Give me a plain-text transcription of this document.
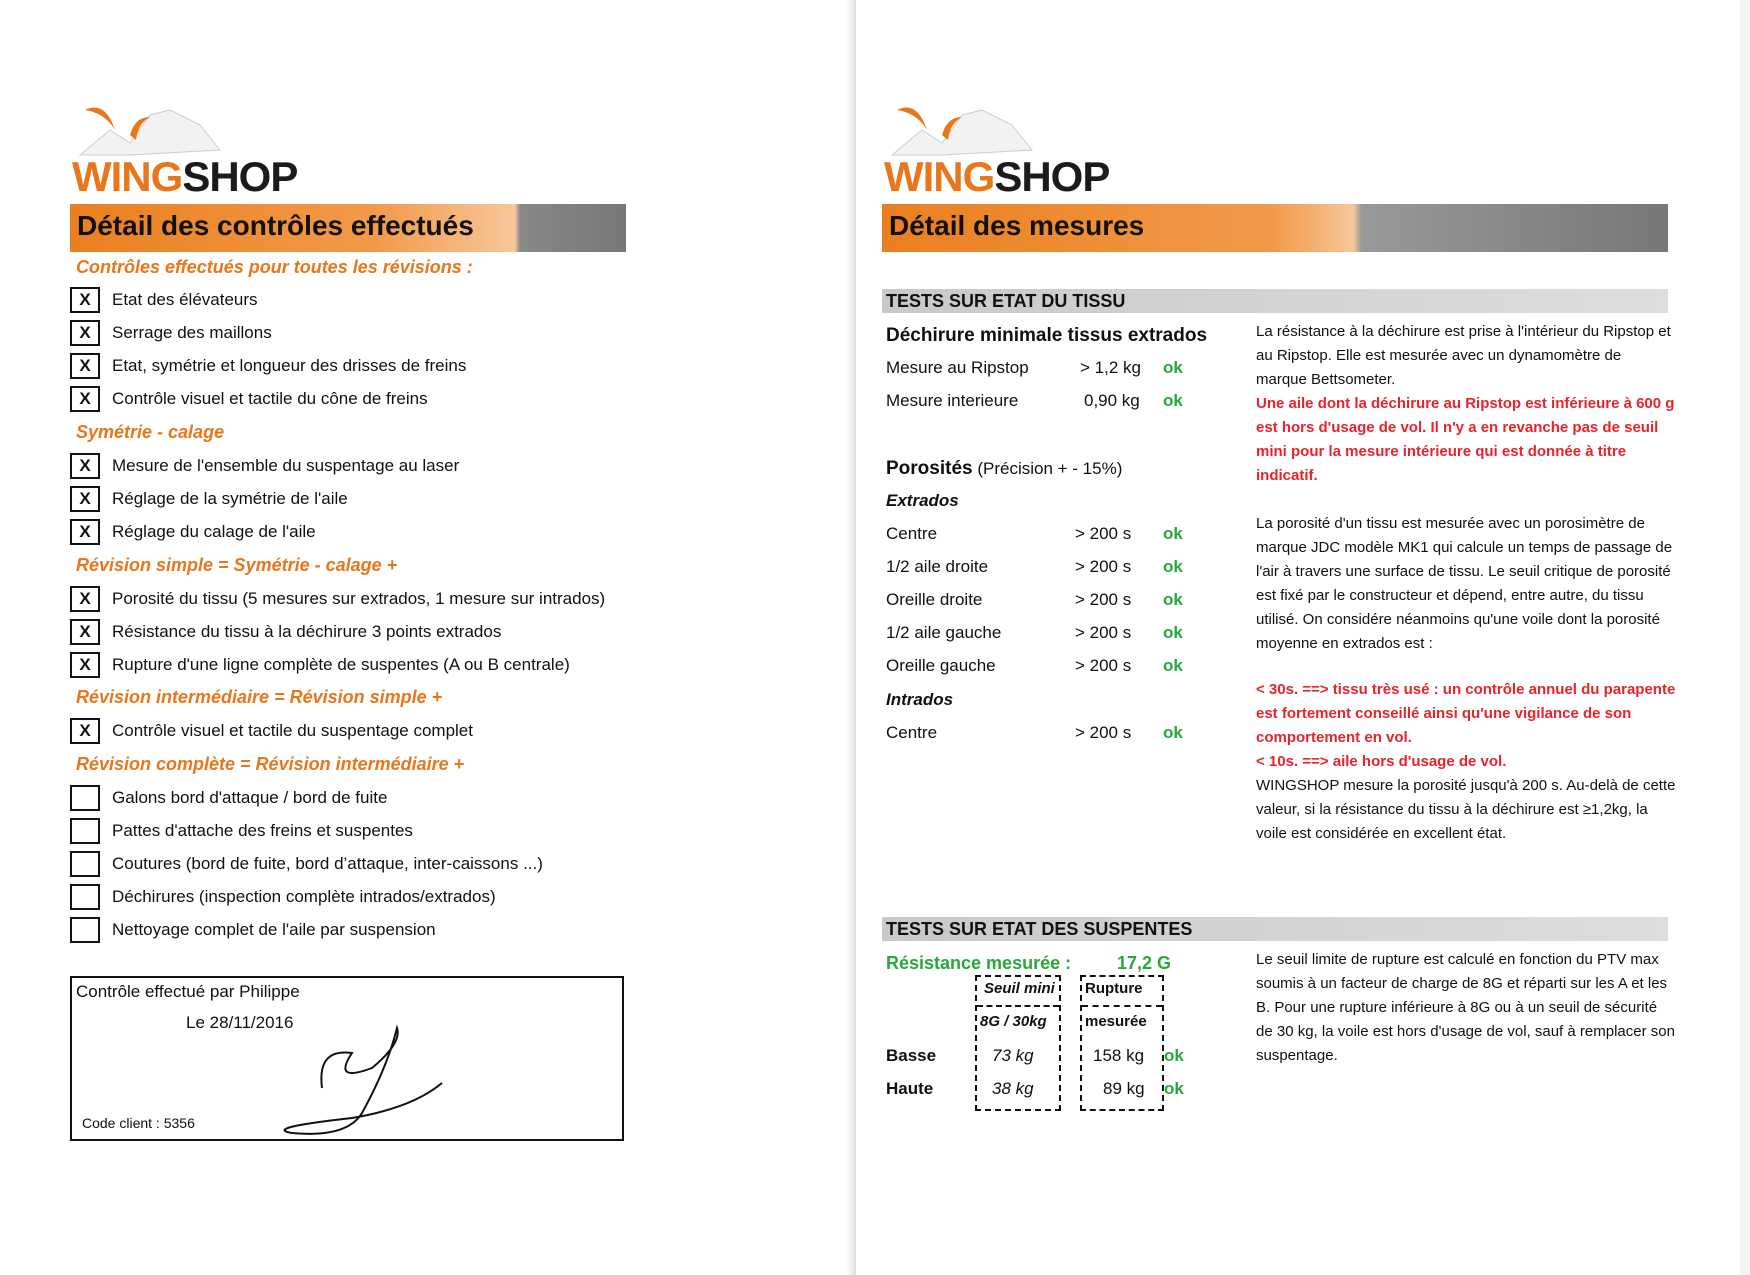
WINGSHOP
Détail des contrôles effectués
Contrôles effectués pour toutes les révisions :
X	Etat des élévateurs
X	Serrage des maillons
X	Etat, symétrie et longueur des drisses de freins
X	Contrôle visuel et tactile du cône de freins
Symétrie - calage
X	Mesure de l'ensemble du suspentage au laser
X	Réglage de la symétrie de l'aile
X	Réglage du calage de l'aile
Révision simple = Symétrie - calage +
X	Porosité du tissu (5 mesures sur extrados, 1 mesure sur intrados)
X	Résistance du tissu à la déchirure 3 points extrados
X	Rupture d'une ligne complète de suspentes (A ou B centrale)
Révision intermédiaire = Révision simple +
X	Contrôle visuel et tactile du suspentage complet
Révision complète = Révision intermédiaire +
Galons bord d'attaque / bord de fuite
Pattes d'attache des freins et suspentes
Coutures (bord de fuite, bord d’attaque, inter-caissons ...)
Déchirures (inspection complète intrados/extrados)
Nettoyage complet de l'aile par suspension
Contrôle effectué par Philippe
Le 28/11/2016
Code client : 5356
WINGSHOP
Détail des mesures
TESTS SUR ETAT DU TISSU
Déchirure minimale tissus extrados
Mesure au Ripstop	> 1,2 kg ok
Mesure interieure	0,90 kg ok
La résistance à la déchirure est prise à l'intérieur du Ripstop et au Ripstop. Elle est mesurée avec un dynamomètre de marque Bettsometer.
Une aile dont la déchirure au Ripstop est inférieure à 600 g est hors d'usage de vol. Il n'y a en revanche pas de seuil mini pour la mesure intérieure qui est donnée à titre indicatif.
Porosités (Précision + - 15%)
Extrados
Centre	> 200 s ok
1/2 aile droite	> 200 s ok
Oreille droite	> 200 s ok
1/2 aile gauche	> 200 s ok
Oreille gauche	> 200 s ok
Intrados
Centre	> 200 s ok
La porosité d'un tissu est mesurée avec un porosimètre de marque JDC modèle MK1 qui calcule un temps de passage de l'air à travers une surface de tissu. Le seuil critique de porosité est fixé par le constructeur et dépend, entre autre, du tissu utilisé. On considére néanmoins qu'une voile dont la porosité moyenne en extrados est :
< 30s. ==> tissu très usé : un contrôle annuel du parapente est fortement conseillé ainsi qu'une vigilance de son comportement en vol.
< 10s. ==> aile hors d'usage de vol.
WINGSHOP mesure la porosité jusqu'à 200 s. Au-delà de cette valeur, si la résistance du tissu à la déchirure est ≥1,2kg, la voile est considérée en excellent état.
TESTS SUR ETAT DES SUSPENTES
Résistance mesurée :	17,2 G
Seuil mini
8G / 30kg
Rupture
mesurée
Basse	73 kg	158 kg ok
Haute	38 kg	89 kg ok
Le seuil limite de rupture est calculé en fonction du PTV max soumis à un facteur de charge de 8G et réparti sur les A et les B. Pour une rupture inférieure à 8G ou à un seuil de sécurité de 30 kg, la voile est hors d'usage de vol, sauf à remplacer son suspentage.
